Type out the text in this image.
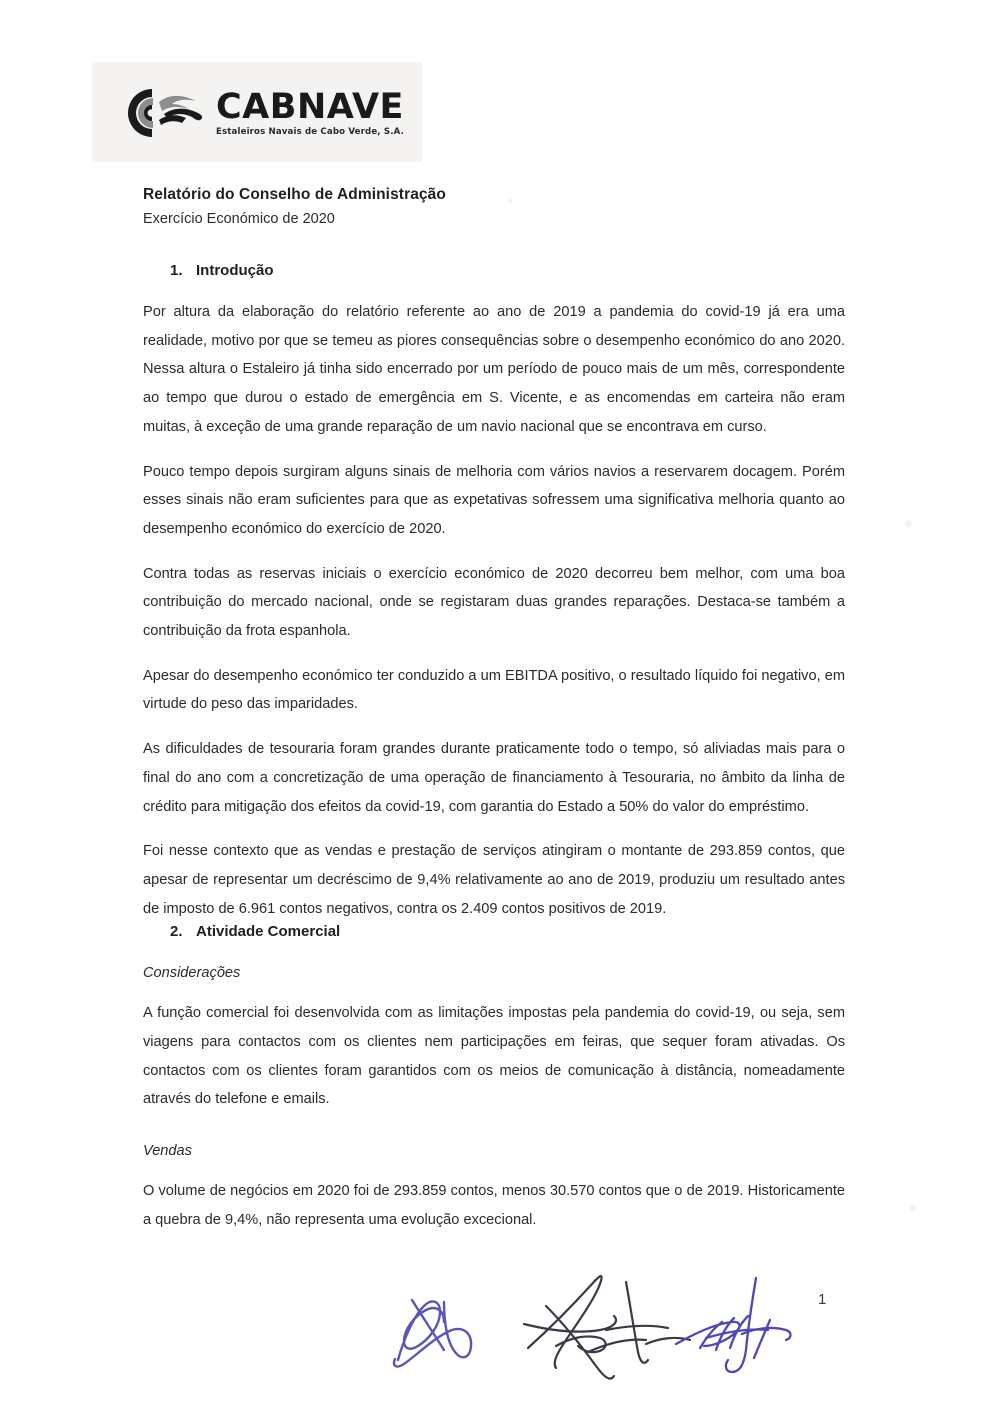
CABNAVE
Estaleiros Navais de Cabo Verde, S.A.
Relatório do Conselho de Administração
Exercício Económico de 2020
1. Introdução

Por altura da elaboração do relatório referente ao ano de 2019 a pandemia do covid-19 já era uma realidade, motivo por que se temeu as piores consequências sobre o desempenho económico do ano 2020. Nessa altura o Estaleiro já tinha sido encerrado por um período de pouco mais de um mês, correspondente ao tempo que durou o estado de emergência em S. Vicente, e as encomendas em carteira não eram muitas, à exceção de uma grande reparação de um navio nacional que se encontrava em curso.

Pouco tempo depois surgiram alguns sinais de melhoria com vários navios a reservarem docagem. Porém esses sinais não eram suficientes para que as expetativas sofressem uma significativa melhoria quanto ao desempenho económico do exercício de 2020.

Contra todas as reservas iniciais o exercício económico de 2020 decorreu bem melhor, com uma boa contribuição do mercado nacional, onde se registaram duas grandes reparações. Destaca-se também a contribuição da frota espanhola.

Apesar do desempenho económico ter conduzido a um EBITDA positivo, o resultado líquido foi negativo, em virtude do peso das imparidades.

As dificuldades de tesouraria foram grandes durante praticamente todo o tempo, só aliviadas mais para o final do ano com a concretização de uma operação de financiamento à Tesouraria, no âmbito da linha de crédito para mitigação dos efeitos da covid-19, com garantia do Estado a 50% do valor do empréstimo.

Foi nesse contexto que as vendas e prestação de serviços atingiram o montante de 293.859 contos, que apesar de representar um decréscimo de 9,4% relativamente ao ano de 2019, produziu um resultado antes de imposto de 6.961 contos negativos, contra os 2.409 contos positivos de 2019.

2. Atividade Comercial

Considerações

A função comercial foi desenvolvida com as limitações impostas pela pandemia do covid-19, ou seja, sem viagens para contactos com os clientes nem participações em feiras, que sequer foram ativadas. Os contactos com os clientes foram garantidos com os meios de comunicação à distância, nomeadamente através do telefone e emails.

Vendas

O volume de negócios em 2020 foi de 293.859 contos, menos 30.570 contos que o de 2019. Historicamente a quebra de 9,4%, não representa uma evolução excecional.

1
